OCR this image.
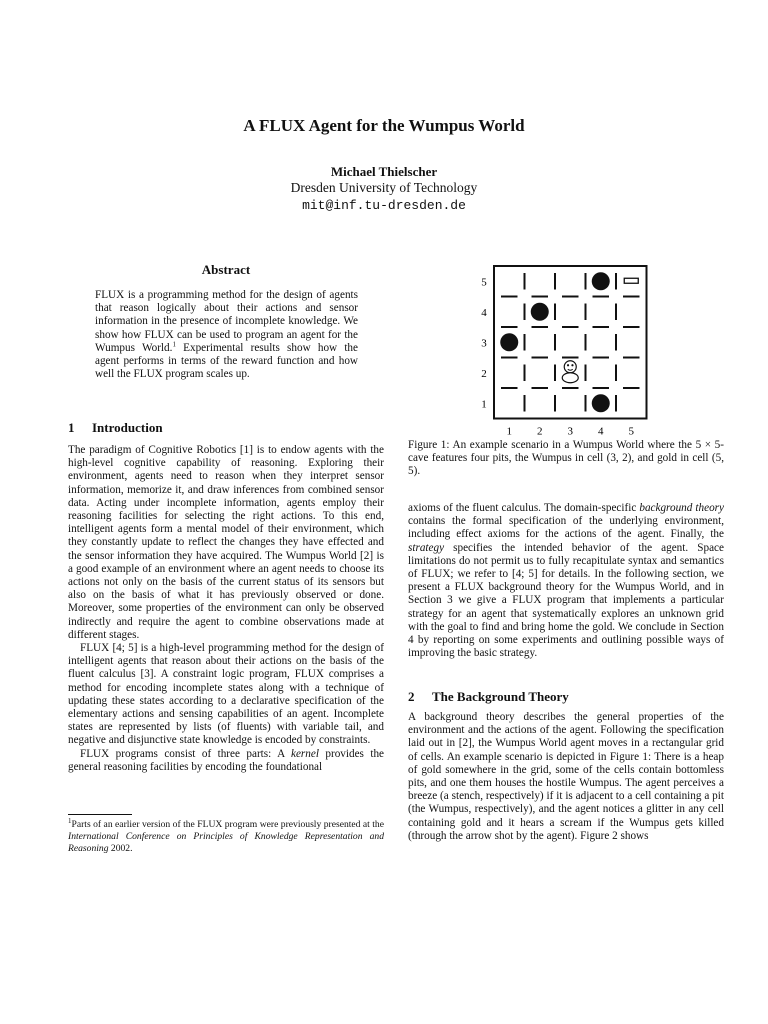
A FLUX Agent for the Wumpus World
Michael Thielscher
Dresden University of Technology
mit@inf.tu-dresden.de
Abstract

FLUX is a programming method for the design of agents that reason logically about their actions and sensor information in the presence of incomplete knowledge. We show how FLUX can be used to program an agent for the Wumpus World.$^1$ Experimental results show how the agent performs in terms of the reward function and how well the FLUX program scales up.

1 Introduction

The paradigm of Cognitive Robotics [1] is to endow agents with the high-level cognitive capability of reasoning. Exploring their environment, agents need to reason when they interpret sensor information, memorize it, and draw inferences from combined sensor data. Acting under incomplete information, agents employ their reasoning facilities for selecting the right actions. To this end, intelligent agents form a mental model of their environment, which they constantly update to reflect the changes they have effected and the sensor information they have acquired. The Wumpus World [2] is a good example of an environment where an agent needs to choose its actions not only on the basis of the current status of its sensors but also on the basis of what it has previously observed or done. Moreover, some properties of the environment can only be observed indirectly and require the agent to combine observations made at different stages.

FLUX [4; 5] is a high-level programming method for the design of intelligent agents that reason about their actions on the basis of the fluent calculus [3]. A constraint logic program, FLUX comprises a method for encoding incomplete states along with a technique of updating these states according to a declarative specification of the elementary actions and sensing capabilities of an agent. Incomplete states are represented by lists (of fluents) with variable tail, and negative and disjunctive state knowledge is encoded by constraints.

FLUX programs consist of three parts: A kernel provides the general reasoning facilities by encoding the foundational

$^1$Parts of an earlier version of the FLUX program were previously presented at the International Conference on Principles of Knowledge Representation and Reasoning 2002.

1 2 3 4 5
1
2
3
4
5

Figure 1: An example scenario in a Wumpus World where the 5 × 5-cave features four pits, the Wumpus in cell (3, 2), and gold in cell (5, 5).

axioms of the fluent calculus. The domain-specific background theory contains the formal specification of the underlying environment, including effect axioms for the actions of the agent. Finally, the strategy specifies the intended behavior of the agent. Space limitations do not permit us to fully recapitulate syntax and semantics of FLUX; we refer to [4; 5] for details. In the following section, we present a FLUX background theory for the Wumpus World, and in Section 3 we give a FLUX program that implements a particular strategy for an agent that systematically explores an unknown grid with the goal to find and bring home the gold. We conclude in Section 4 by reporting on some experiments and outlining possible ways of improving the basic strategy.

2 The Background Theory

A background theory describes the general properties of the environment and the actions of the agent. Following the specification laid out in [2], the Wumpus World agent moves in a rectangular grid of cells. An example scenario is depicted in Figure 1: There is a heap of gold somewhere in the grid, some of the cells contain bottomless pits, and one them houses the hostile Wumpus. The agent perceives a breeze (a stench, respectively) if it is adjacent to a cell containing a pit (the Wumpus, respectively), and the agent notices a glitter in any cell containing gold and it hears a scream if the Wumpus gets killed (through the arrow shot by the agent). Figure 2 shows
